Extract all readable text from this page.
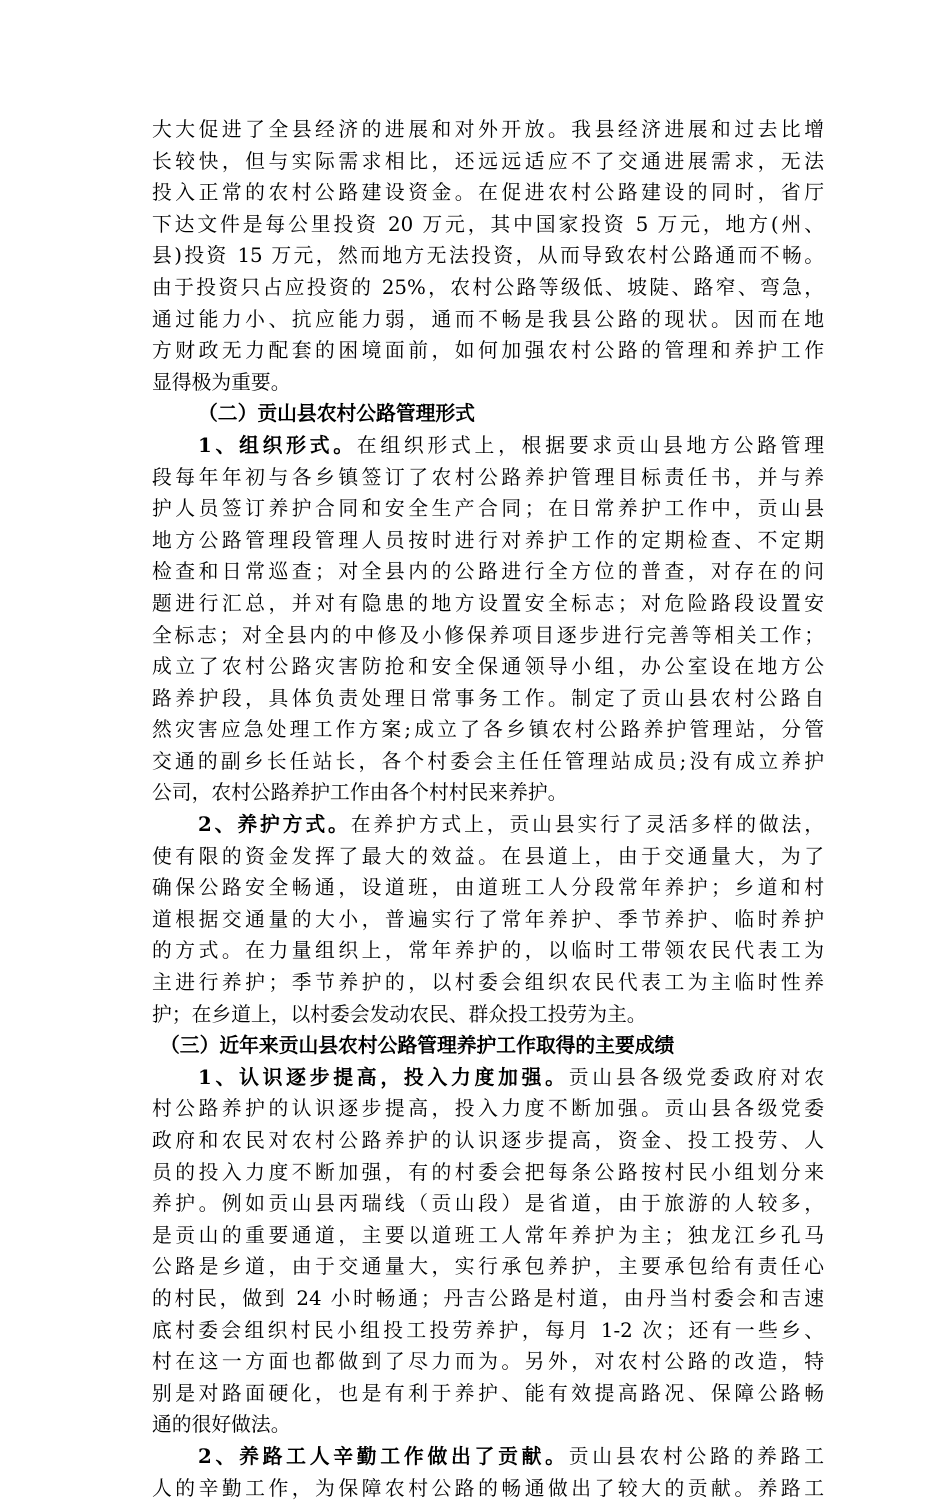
大大促进了全县经济的进展和对外开放。我县经济进展和过去比增
长较快，但与实际需求相比，还远远适应不了交通进展需求，无法
投入正常的农村公路建设资金。在促进农村公路建设的同时，省厅
下达文件是每公里投资 20 万元，其中国家投资 5 万元，地方(州、
县)投资 15 万元，然而地方无法投资，从而导致农村公路通而不畅。
由于投资只占应投资的 25%，农村公路等级低、坡陡、路窄、弯急，
通过能力小、抗应能力弱，通而不畅是我县公路的现状。因而在地
方财政无力配套的困境面前，如何加强农村公路的管理和养护工作
显得极为重要。
（二）贡山县农村公路管理形式
1、组织形式。在组织形式上，根据要求贡山县地方公路管理
段每年年初与各乡镇签订了农村公路养护管理目标责任书，并与养
护人员签订养护合同和安全生产合同；在日常养护工作中，贡山县
地方公路管理段管理人员按时进行对养护工作的定期检查、不定期
检查和日常巡查；对全县内的公路进行全方位的普查，对存在的问
题进行汇总，并对有隐患的地方设置安全标志；对危险路段设置安
全标志；对全县内的中修及小修保养项目逐步进行完善等相关工作；
成立了农村公路灾害防抢和安全保通领导小组，办公室设在地方公
路养护段，具体负责处理日常事务工作。制定了贡山县农村公路自
然灾害应急处理工作方案;成立了各乡镇农村公路养护管理站，分管
交通的副乡长任站长，各个村委会主任任管理站成员;没有成立养护
公司，农村公路养护工作由各个村村民来养护。
2、养护方式。在养护方式上，贡山县实行了灵活多样的做法，
使有限的资金发挥了最大的效益。在县道上，由于交通量大，为了
确保公路安全畅通，设道班，由道班工人分段常年养护；乡道和村
道根据交通量的大小，普遍实行了常年养护、季节养护、临时养护
的方式。在力量组织上，常年养护的，以临时工带领农民代表工为
主进行养护；季节养护的，以村委会组织农民代表工为主临时性养
护；在乡道上，以村委会发动农民、群众投工投劳为主。
（三）近年来贡山县农村公路管理养护工作取得的主要成绩
1、认识逐步提高，投入力度加强。贡山县各级党委政府对农
村公路养护的认识逐步提高，投入力度不断加强。贡山县各级党委
政府和农民对农村公路养护的认识逐步提高，资金、投工投劳、人
员的投入力度不断加强，有的村委会把每条公路按村民小组划分来
养护。例如贡山县丙瑞线（贡山段）是省道，由于旅游的人较多，
是贡山的重要通道，主要以道班工人常年养护为主；独龙江乡孔马
公路是乡道，由于交通量大，实行承包养护，主要承包给有责任心
的村民，做到 24 小时畅通；丹吉公路是村道，由丹当村委会和吉速
底村委会组织村民小组投工投劳养护，每月 1-2 次；还有一些乡、
村在这一方面也都做到了尽力而为。另外，对农村公路的改造，特
别是对路面硬化，也是有利于养护、能有效提高路况、保障公路畅
通的很好做法。
2、养路工人辛勤工作做出了贡献。贡山县农村公路的养路工
人的辛勤工作，为保障农村公路的畅通做出了较大的贡献。养路工
